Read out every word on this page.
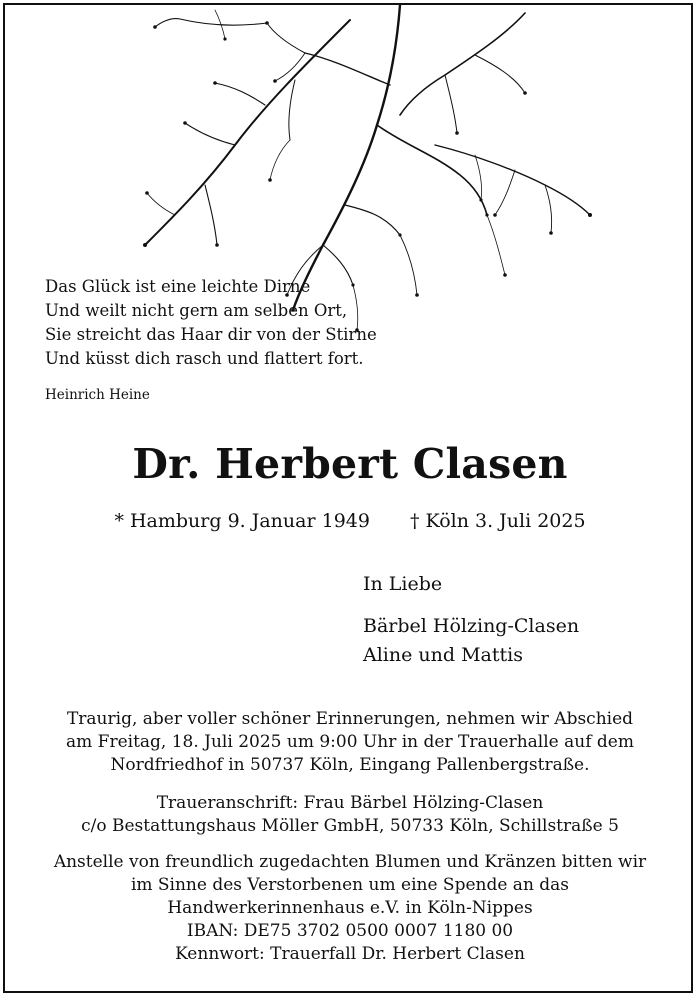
Das Glück ist eine leichte Dirne
Und weilt nicht gern am selben Ort,
Sie streicht das Haar dir von der Stirne
Und küsst dich rasch und flattert fort.
Heinrich Heine
Dr. Herbert Clasen
* Hamburg 9. Januar 1949 † Köln 3. Juli 2025
In Liebe
Bärbel Hölzing-Clasen
Aline und Mattis
Traurig, aber voller schöner Erinnerungen, nehmen wir Abschied
am Freitag, 18. Juli 2025 um 9:00 Uhr in der Trauerhalle auf dem
Nordfriedhof in 50737 Köln, Eingang Pallenbergstraße.
Traueranschrift: Frau Bärbel Hölzing-Clasen
c/o Bestattungshaus Möller GmbH, 50733 Köln, Schillstraße 5
Anstelle von freundlich zugedachten Blumen und Kränzen bitten wir
im Sinne des Verstorbenen um eine Spende an das
Handwerkerinnenhaus e.V. in Köln-Nippes
IBAN: DE75 3702 0500 0007 1180 00
Kennwort: Trauerfall Dr. Herbert Clasen
